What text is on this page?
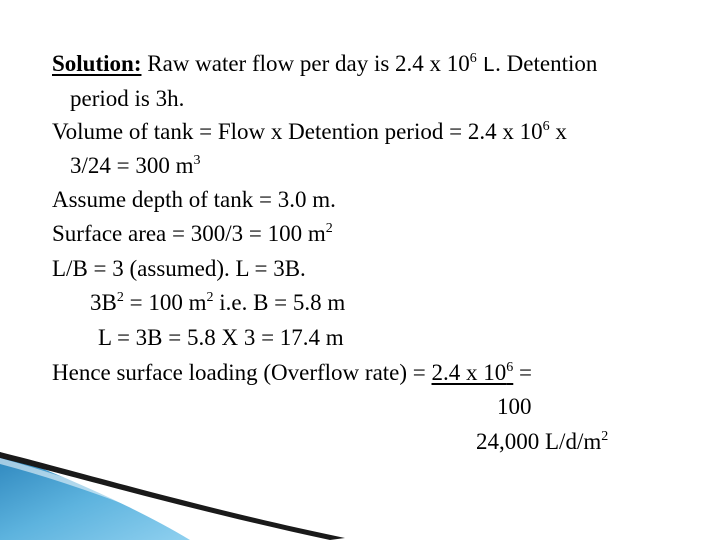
Solution: Raw water flow per day is 2.4 x $10^6$ L. Detention
period is 3h.
Volume of tank = Flow x Detention period = 2.4 x $10^6$ x
3/24 = 300 $m^3$
Assume depth of tank = 3.0 m.
Surface area = 300/3 = 100 $m^2$
L/B = 3 (assumed). L = 3B.
$3B^2 = 100$ $m^2$ i.e. B = 5.8 m
L = 3B = 5.8 X 3 = 17.4 m
Hence surface loading (Overflow rate) = 2.4 x $10^6$ =
100
24,000 $L/d/m^2$
